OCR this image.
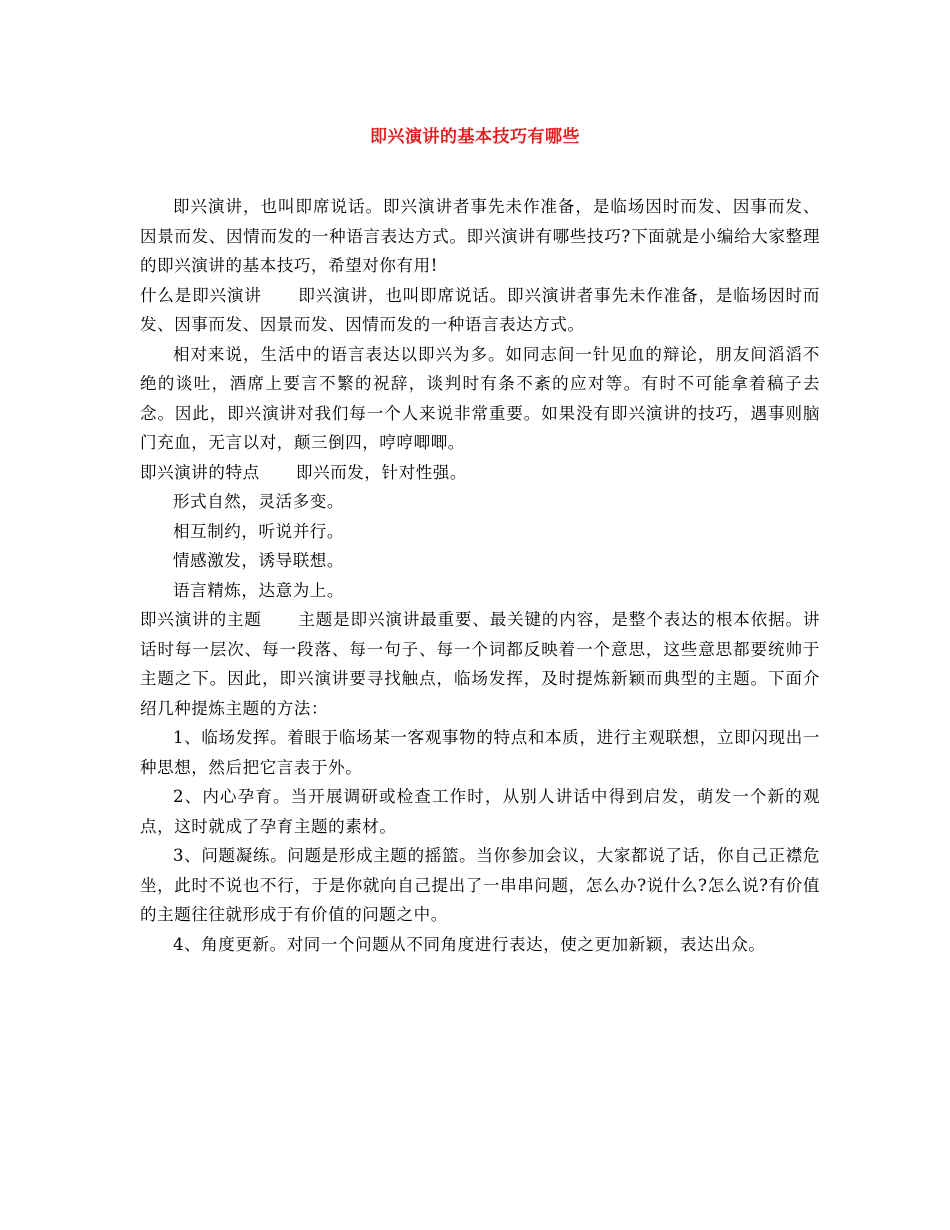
即兴演讲的基本技巧有哪些

即兴演讲，也叫即席说话。即兴演讲者事先未作准备，是临场因时而发、因事而发、因景而发、因情而发的一种语言表达方式。即兴演讲有哪些技巧?下面就是小编给大家整理的即兴演讲的基本技巧，希望对你有用!

什么是即兴演讲 即兴演讲，也叫即席说话。即兴演讲者事先未作准备，是临场因时而发、因事而发、因景而发、因情而发的一种语言表达方式。

相对来说，生活中的语言表达以即兴为多。如同志间一针见血的辩论，朋友间滔滔不绝的谈吐，酒席上要言不繁的祝辞，谈判时有条不紊的应对等。有时不可能拿着稿子去念。因此，即兴演讲对我们每一个人来说非常重要。如果没有即兴演讲的技巧，遇事则脑门充血，无言以对，颠三倒四，哼哼唧唧。

即兴演讲的特点 即兴而发，针对性强。

形式自然，灵活多变。

相互制约，听说并行。

情感激发，诱导联想。

语言精炼，达意为上。

即兴演讲的主题 主题是即兴演讲最重要、最关键的内容，是整个表达的根本依据。讲话时每一层次、每一段落、每一句子、每一个词都反映着一个意思，这些意思都要统帅于主题之下。因此，即兴演讲要寻找触点，临场发挥，及时提炼新颖而典型的主题。下面介绍几种提炼主题的方法：

1、临场发挥。着眼于临场某一客观事物的特点和本质，进行主观联想，立即闪现出一种思想，然后把它言表于外。

2、内心孕育。当开展调研或检查工作时，从别人讲话中得到启发，萌发一个新的观点，这时就成了孕育主题的素材。

3、问题凝练。问题是形成主题的摇篮。当你参加会议，大家都说了话，你自己正襟危坐，此时不说也不行，于是你就向自己提出了一串串问题，怎么办?说什么?怎么说?有价值的主题往往就形成于有价值的问题之中。

4、角度更新。对同一个问题从不同角度进行表达，使之更加新颖，表达出众。
